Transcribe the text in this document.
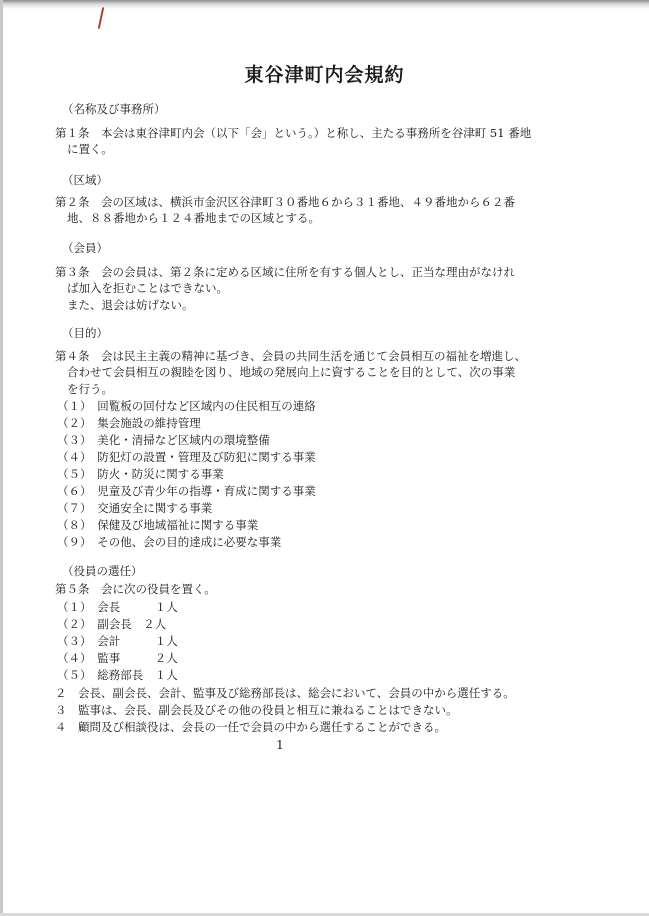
東谷津町内会規約
（名称及び事務所）
第１条　本会は東谷津町内会（以下「会」という。）と称し、主たる事務所を谷津町 51 番地
に置く。
（区域）
第２条　会の区域は、横浜市金沢区谷津町３０番地６から３１番地、４９番地から６２番
地、８８番地から１２４番地までの区域とする。
（会員）
第３条　会の会員は、第２条に定める区域に住所を有する個人とし、正当な理由がなけれ
ば加入を拒むことはできない。
また、退会は妨げない。
（目的）
第４条　会は民主主義の精神に基づき、会員の共同生活を通じて会員相互の福祉を増進し、
合わせて会員相互の親睦を図り、地域の発展向上に資することを目的として、次の事業
を行う。
（１）　回覧板の回付など区域内の住民相互の連絡
（２）　集会施設の維持管理
（３）　美化・清掃など区域内の環境整備
（４）　防犯灯の設置・管理及び防犯に関する事業
（５）　防火・防災に関する事業
（６）　児童及び青少年の指導・育成に関する事業
（７）　交通安全に関する事業
（８）　保健及び地域福祉に関する事業
（９）　その他、会の目的達成に必要な事業
（役員の選任）
第５条　会に次の役員を置く。
（１）　会長　　　１人
（２）　副会長　２人
（３）　会計　　　１人
（４）　監事　　　２人
（５）　総務部長　１人
２　会長、副会長、会計、監事及び総務部長は、総会において、会員の中から選任する。
３　監事は、会長、副会長及びその他の役員と相互に兼ねることはできない。
４　顧問及び相談役は、会長の一任で会員の中から選任することができる。
1
